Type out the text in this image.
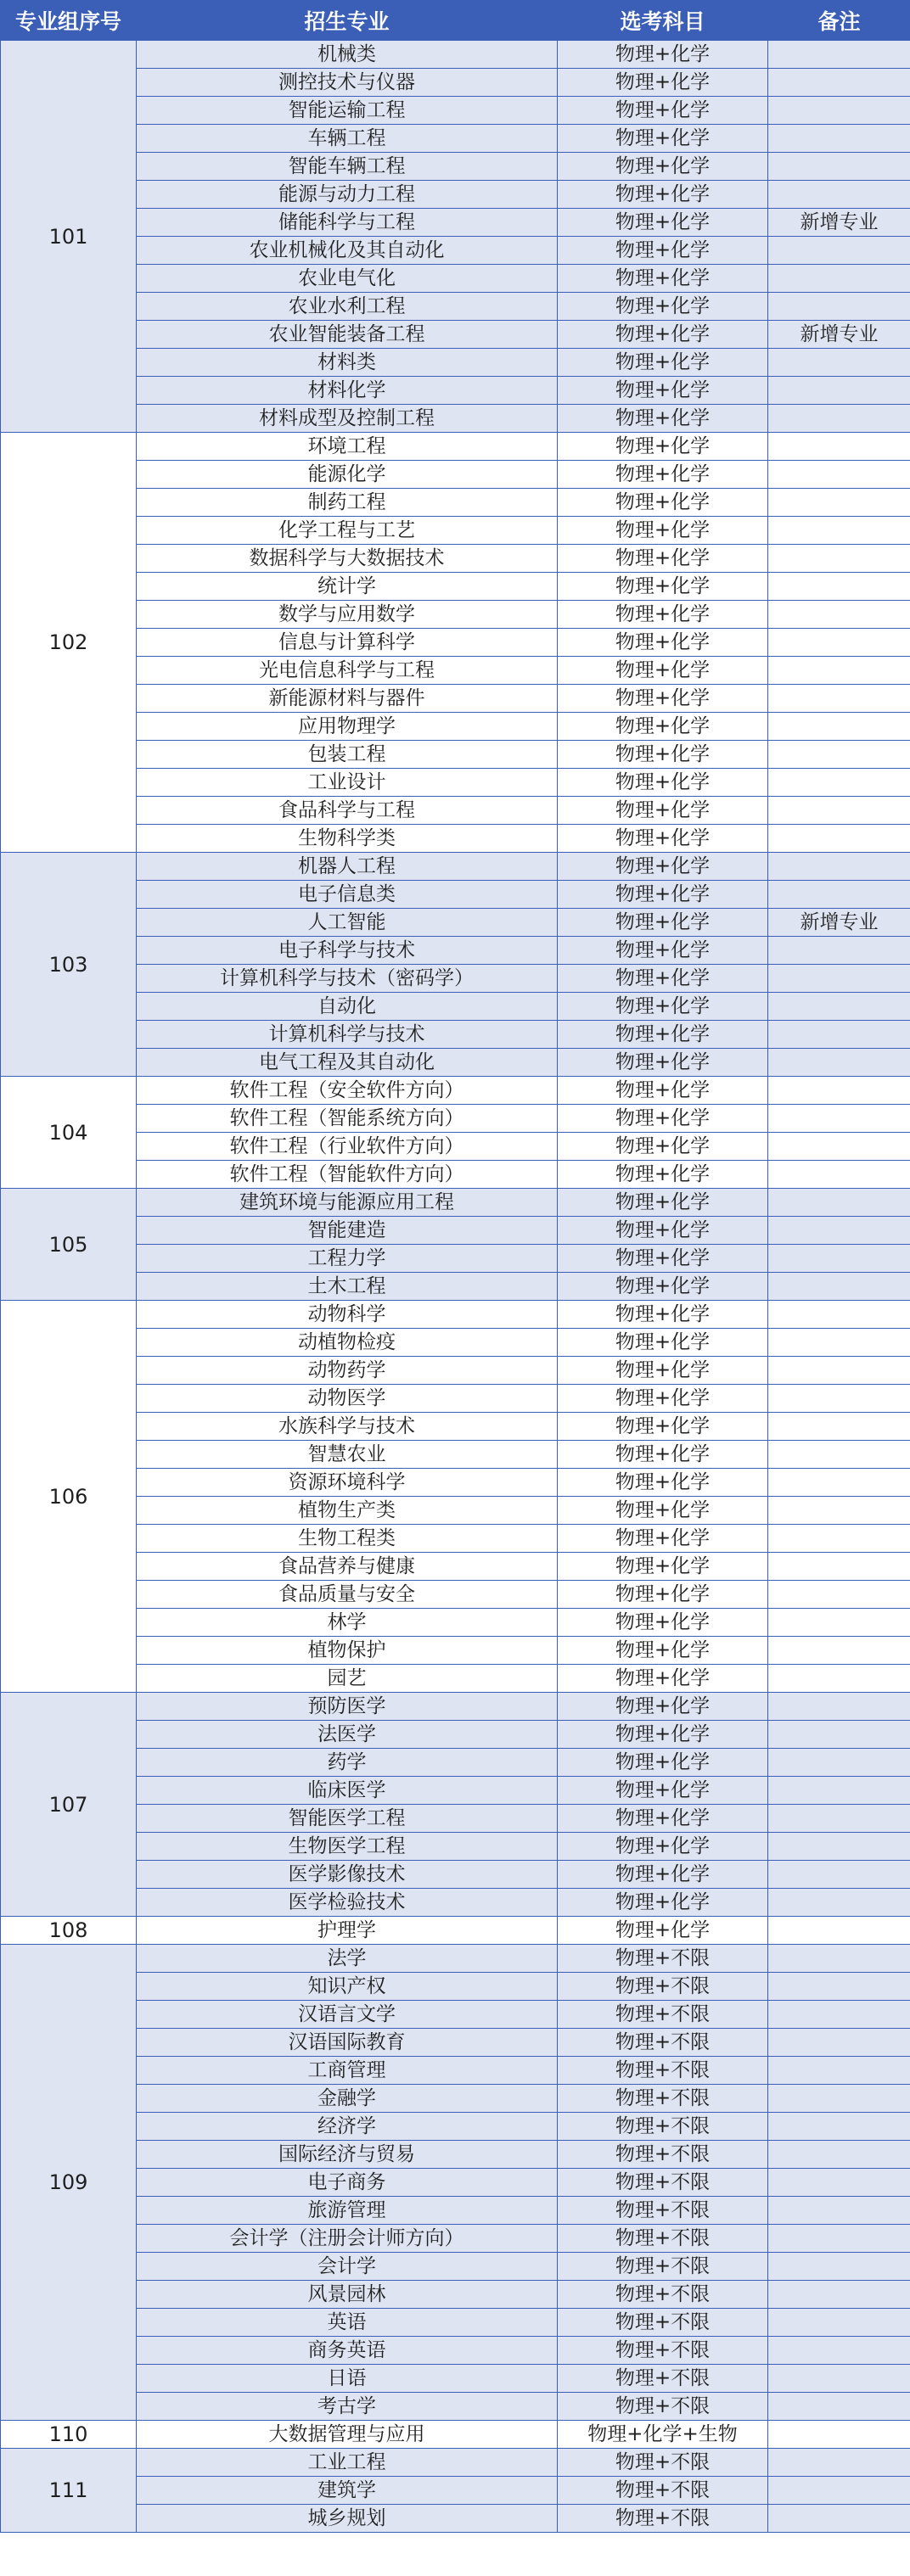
专业组序号	招生专业	选考科目	备注
101	机械类	物理+化学	
	测控技术与仪器	物理+化学	
	智能运输工程	物理+化学	
	车辆工程	物理+化学	
	智能车辆工程	物理+化学	
	能源与动力工程	物理+化学	
	储能科学与工程	物理+化学	新增专业
	农业机械化及其自动化	物理+化学	
	农业电气化	物理+化学	
	农业水利工程	物理+化学	
	农业智能装备工程	物理+化学	新增专业
	材料类	物理+化学	
	材料化学	物理+化学	
	材料成型及控制工程	物理+化学	
102	环境工程	物理+化学	
	能源化学	物理+化学	
	制药工程	物理+化学	
	化学工程与工艺	物理+化学	
	数据科学与大数据技术	物理+化学	
	统计学	物理+化学	
	数学与应用数学	物理+化学	
	信息与计算科学	物理+化学	
	光电信息科学与工程	物理+化学	
	新能源材料与器件	物理+化学	
	应用物理学	物理+化学	
	包装工程	物理+化学	
	工业设计	物理+化学	
	食品科学与工程	物理+化学	
	生物科学类	物理+化学	
103	机器人工程	物理+化学	
	电子信息类	物理+化学	
	人工智能	物理+化学	新增专业
	电子科学与技术	物理+化学	
	计算机科学与技术（密码学）	物理+化学	
	自动化	物理+化学	
	计算机科学与技术	物理+化学	
	电气工程及其自动化	物理+化学	
104	软件工程（安全软件方向）	物理+化学	
	软件工程（智能系统方向）	物理+化学	
	软件工程（行业软件方向）	物理+化学	
	软件工程（智能软件方向）	物理+化学	
105	建筑环境与能源应用工程	物理+化学	
	智能建造	物理+化学	
	工程力学	物理+化学	
	土木工程	物理+化学	
106	动物科学	物理+化学	
	动植物检疫	物理+化学	
	动物药学	物理+化学	
	动物医学	物理+化学	
	水族科学与技术	物理+化学	
	智慧农业	物理+化学	
	资源环境科学	物理+化学	
	植物生产类	物理+化学	
	生物工程类	物理+化学	
	食品营养与健康	物理+化学	
	食品质量与安全	物理+化学	
	林学	物理+化学	
	植物保护	物理+化学	
	园艺	物理+化学	
107	预防医学	物理+化学	
	法医学	物理+化学	
	药学	物理+化学	
	临床医学	物理+化学	
	智能医学工程	物理+化学	
	生物医学工程	物理+化学	
	医学影像技术	物理+化学	
	医学检验技术	物理+化学	
108	护理学	物理+化学	
109	法学	物理+不限	
	知识产权	物理+不限	
	汉语言文学	物理+不限	
	汉语国际教育	物理+不限	
	工商管理	物理+不限	
	金融学	物理+不限	
	经济学	物理+不限	
	国际经济与贸易	物理+不限	
	电子商务	物理+不限	
	旅游管理	物理+不限	
	会计学（注册会计师方向）	物理+不限	
	会计学	物理+不限	
	风景园林	物理+不限	
	英语	物理+不限	
	商务英语	物理+不限	
	日语	物理+不限	
	考古学	物理+不限	
110	大数据管理与应用	物理+化学+生物	
111	工业工程	物理+不限	
	建筑学	物理+不限	
	城乡规划	物理+不限	
